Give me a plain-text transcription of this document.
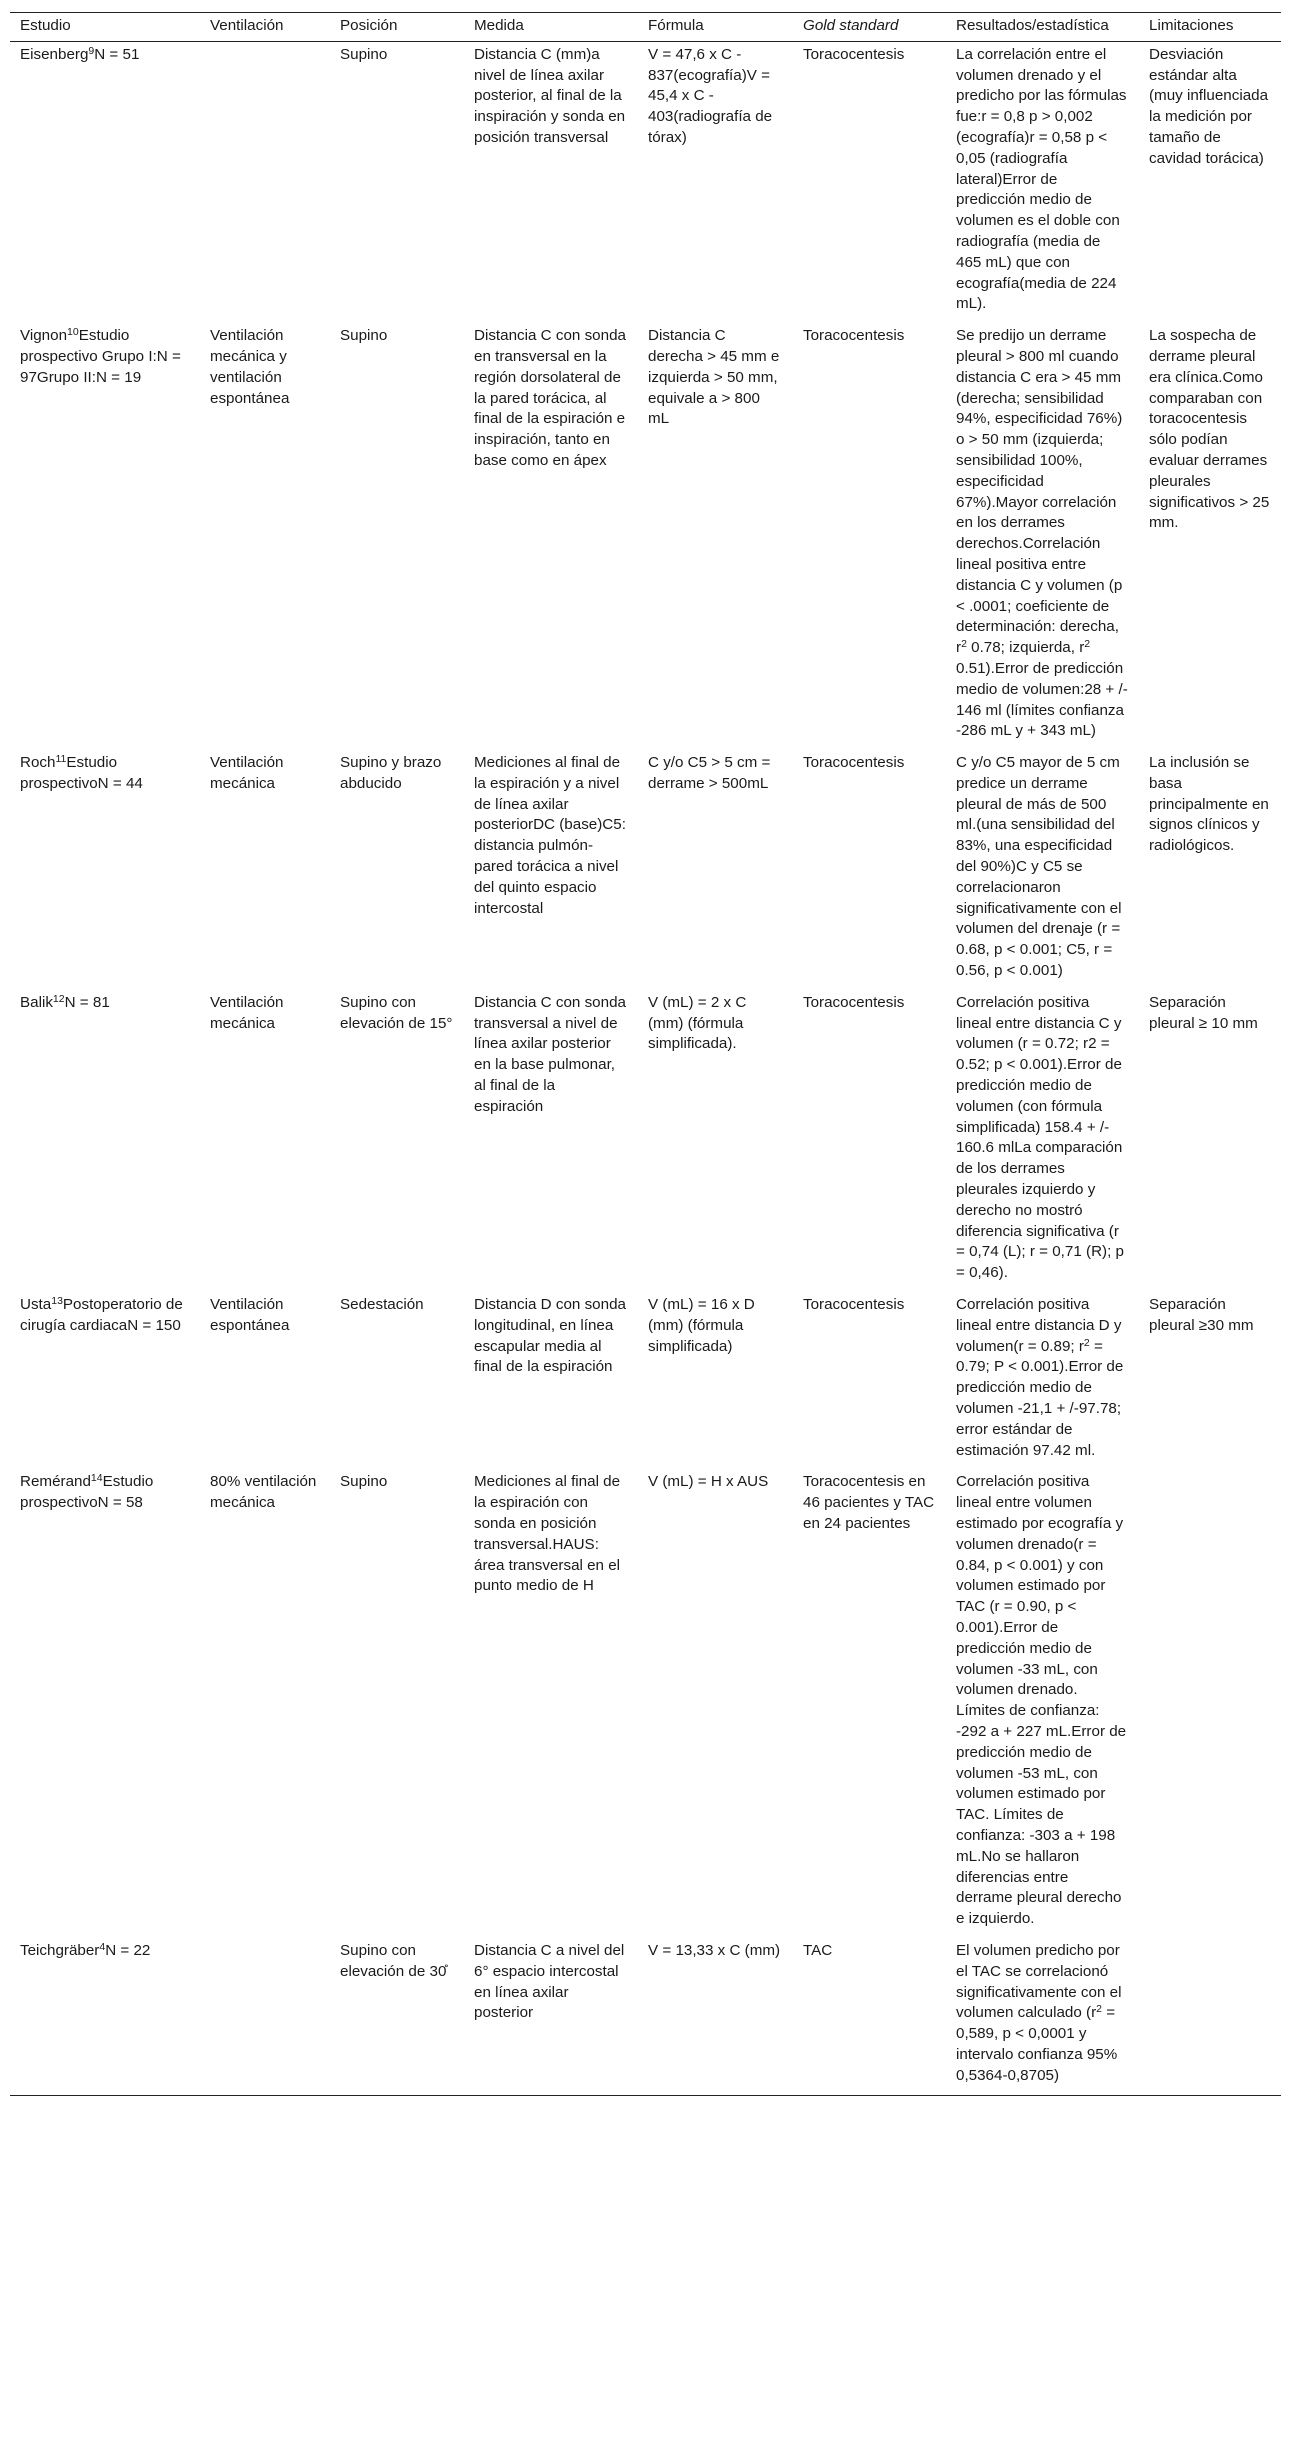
Estudio	Ventilación	Posición	Medida	Fórmula	Gold standard	Resultados/estadística	Limitaciones
Eisenberg$^9$N = 51		Supino	Distancia C (mm)a nivel de línea axilar posterior, al final de la inspiración y sonda en posición transversal	V = 47,6 x C - 837(ecografía)V = 45,4 x C - 403(radiografía de tórax)	Toracocentesis	La correlación entre el volumen drenado y el predicho por las fórmulas fue:r = 0,8 p > 0,002 (ecografía)r = 0,58 p < 0,05 (radiografía lateral)Error de predicción medio de volumen es el doble con radiografía (media de 465 mL) que con ecografía(media de 224 mL).	Desviación estándar alta (muy influenciada la medición por tamaño de cavidad torácica)
Vignon$^{10}$Estudio prospectivo Grupo I:N = 97Grupo II:N = 19	Ventilación mecánica y ventilación espontánea	Supino	Distancia C con sonda en transversal en la región dorsolateral de la pared torácica, al final de la espiración e inspiración, tanto en base como en ápex	Distancia C derecha > 45 mm e izquierda > 50 mm, equivale a > 800 mL	Toracocentesis	Se predijo un derrame pleural > 800 ml cuando distancia C era > 45 mm (derecha; sensibilidad 94%, especificidad 76%) o > 50 mm (izquierda; sensibilidad 100%, especificidad 67%).Mayor correlación en los derrames derechos.Correlación lineal positiva entre distancia C y volumen (p < .0001; coeficiente de determinación: derecha, $r^2$ 0.78; izquierda, $r^2$ 0.51).Error de predicción medio de volumen:28 + /- 146 ml (límites confianza -286 mL y + 343 mL)	La sospecha de derrame pleural era clínica.Como comparaban con toracocentesis sólo podían evaluar derrames pleurales significativos > 25 mm.
Roch$^{11}$Estudio prospectivoN = 44	Ventilación mecánica	Supino y brazo abducido	Mediciones al final de la espiración y a nivel de línea axilar posteriorDC (base)C5: distancia pulmón-pared torácica a nivel del quinto espacio intercostal	C y/o C5 > 5 cm = derrame > 500mL	Toracocentesis	C y/o C5 mayor de 5 cm predice un derrame pleural de más de 500 ml.(una sensibilidad del 83%, una especificidad del 90%)C y C5 se correlacionaron significativamente con el volumen del drenaje (r = 0.68, p < 0.001; C5, r = 0.56, p < 0.001)	La inclusión se basa principalmente en signos clínicos y radiológicos.
Balik$^{12}$N = 81	Ventilación mecánica	Supino con elevación de 15°	Distancia C con sonda transversal a nivel de línea axilar posterior en la base pulmonar, al final de la espiración	V (mL) = 2 x C (mm) (fórmula simplificada).	Toracocentesis	Correlación positiva lineal entre distancia C y volumen (r = 0.72; r2 = 0.52; p < 0.001).Error de predicción medio de volumen (con fórmula simplificada) 158.4 + /- 160.6 mlLa comparación de los derrames pleurales izquierdo y derecho no mostró diferencia significativa (r = 0,74 (L); r = 0,71 (R); p = 0,46).	Separación pleural ≥ 10 mm
Usta$^{13}$Postoperatorio de cirugía cardiacaN = 150	Ventilación espontánea	Sedestación	Distancia D con sonda longitudinal, en línea escapular media al final de la espiración	V (mL) = 16 x D (mm) (fórmula simplificada)	Toracocentesis	Correlación positiva lineal entre distancia D y volumen(r = 0.89; $r^2 = 0.79$; P < 0.001).Error de predicción medio de volumen -21,1 + /-97.78; error estándar de estimación 97.42 ml.	Separación pleural ≥30 mm
Remérand$^{14}$Estudio prospectivoN = 58	80% ventilación mecánica	Supino	Mediciones al final de la espiración con sonda en posición transversal.HAUS: área transversal en el punto medio de H	V (mL) = H x AUS	Toracocentesis en 46 pacientes y TAC en 24 pacientes	Correlación positiva lineal entre volumen estimado por ecografía y volumen drenado(r = 0.84, p < 0.001) y con volumen estimado por TAC (r = 0.90, p < 0.001).Error de predicción medio de volumen -33 mL, con volumen drenado. Límites de confianza: -292 a + 227 mL.Error de predicción medio de volumen -53 mL, con volumen estimado por TAC. Límites de confianza: -303 a + 198 mL.No se hallaron diferencias entre derrame pleural derecho e izquierdo.	
Teichgräber$^4$N = 22		Supino con elevación de 30̊	Distancia C a nivel del 6° espacio intercostal en línea axilar posterior	V = 13,33 x C (mm)	TAC	El volumen predicho por el TAC se correlacionó significativamente con el volumen calculado ($r^2 = 0,589$, p < 0,0001 y intervalo confianza 95% 0,5364-0,8705)	
